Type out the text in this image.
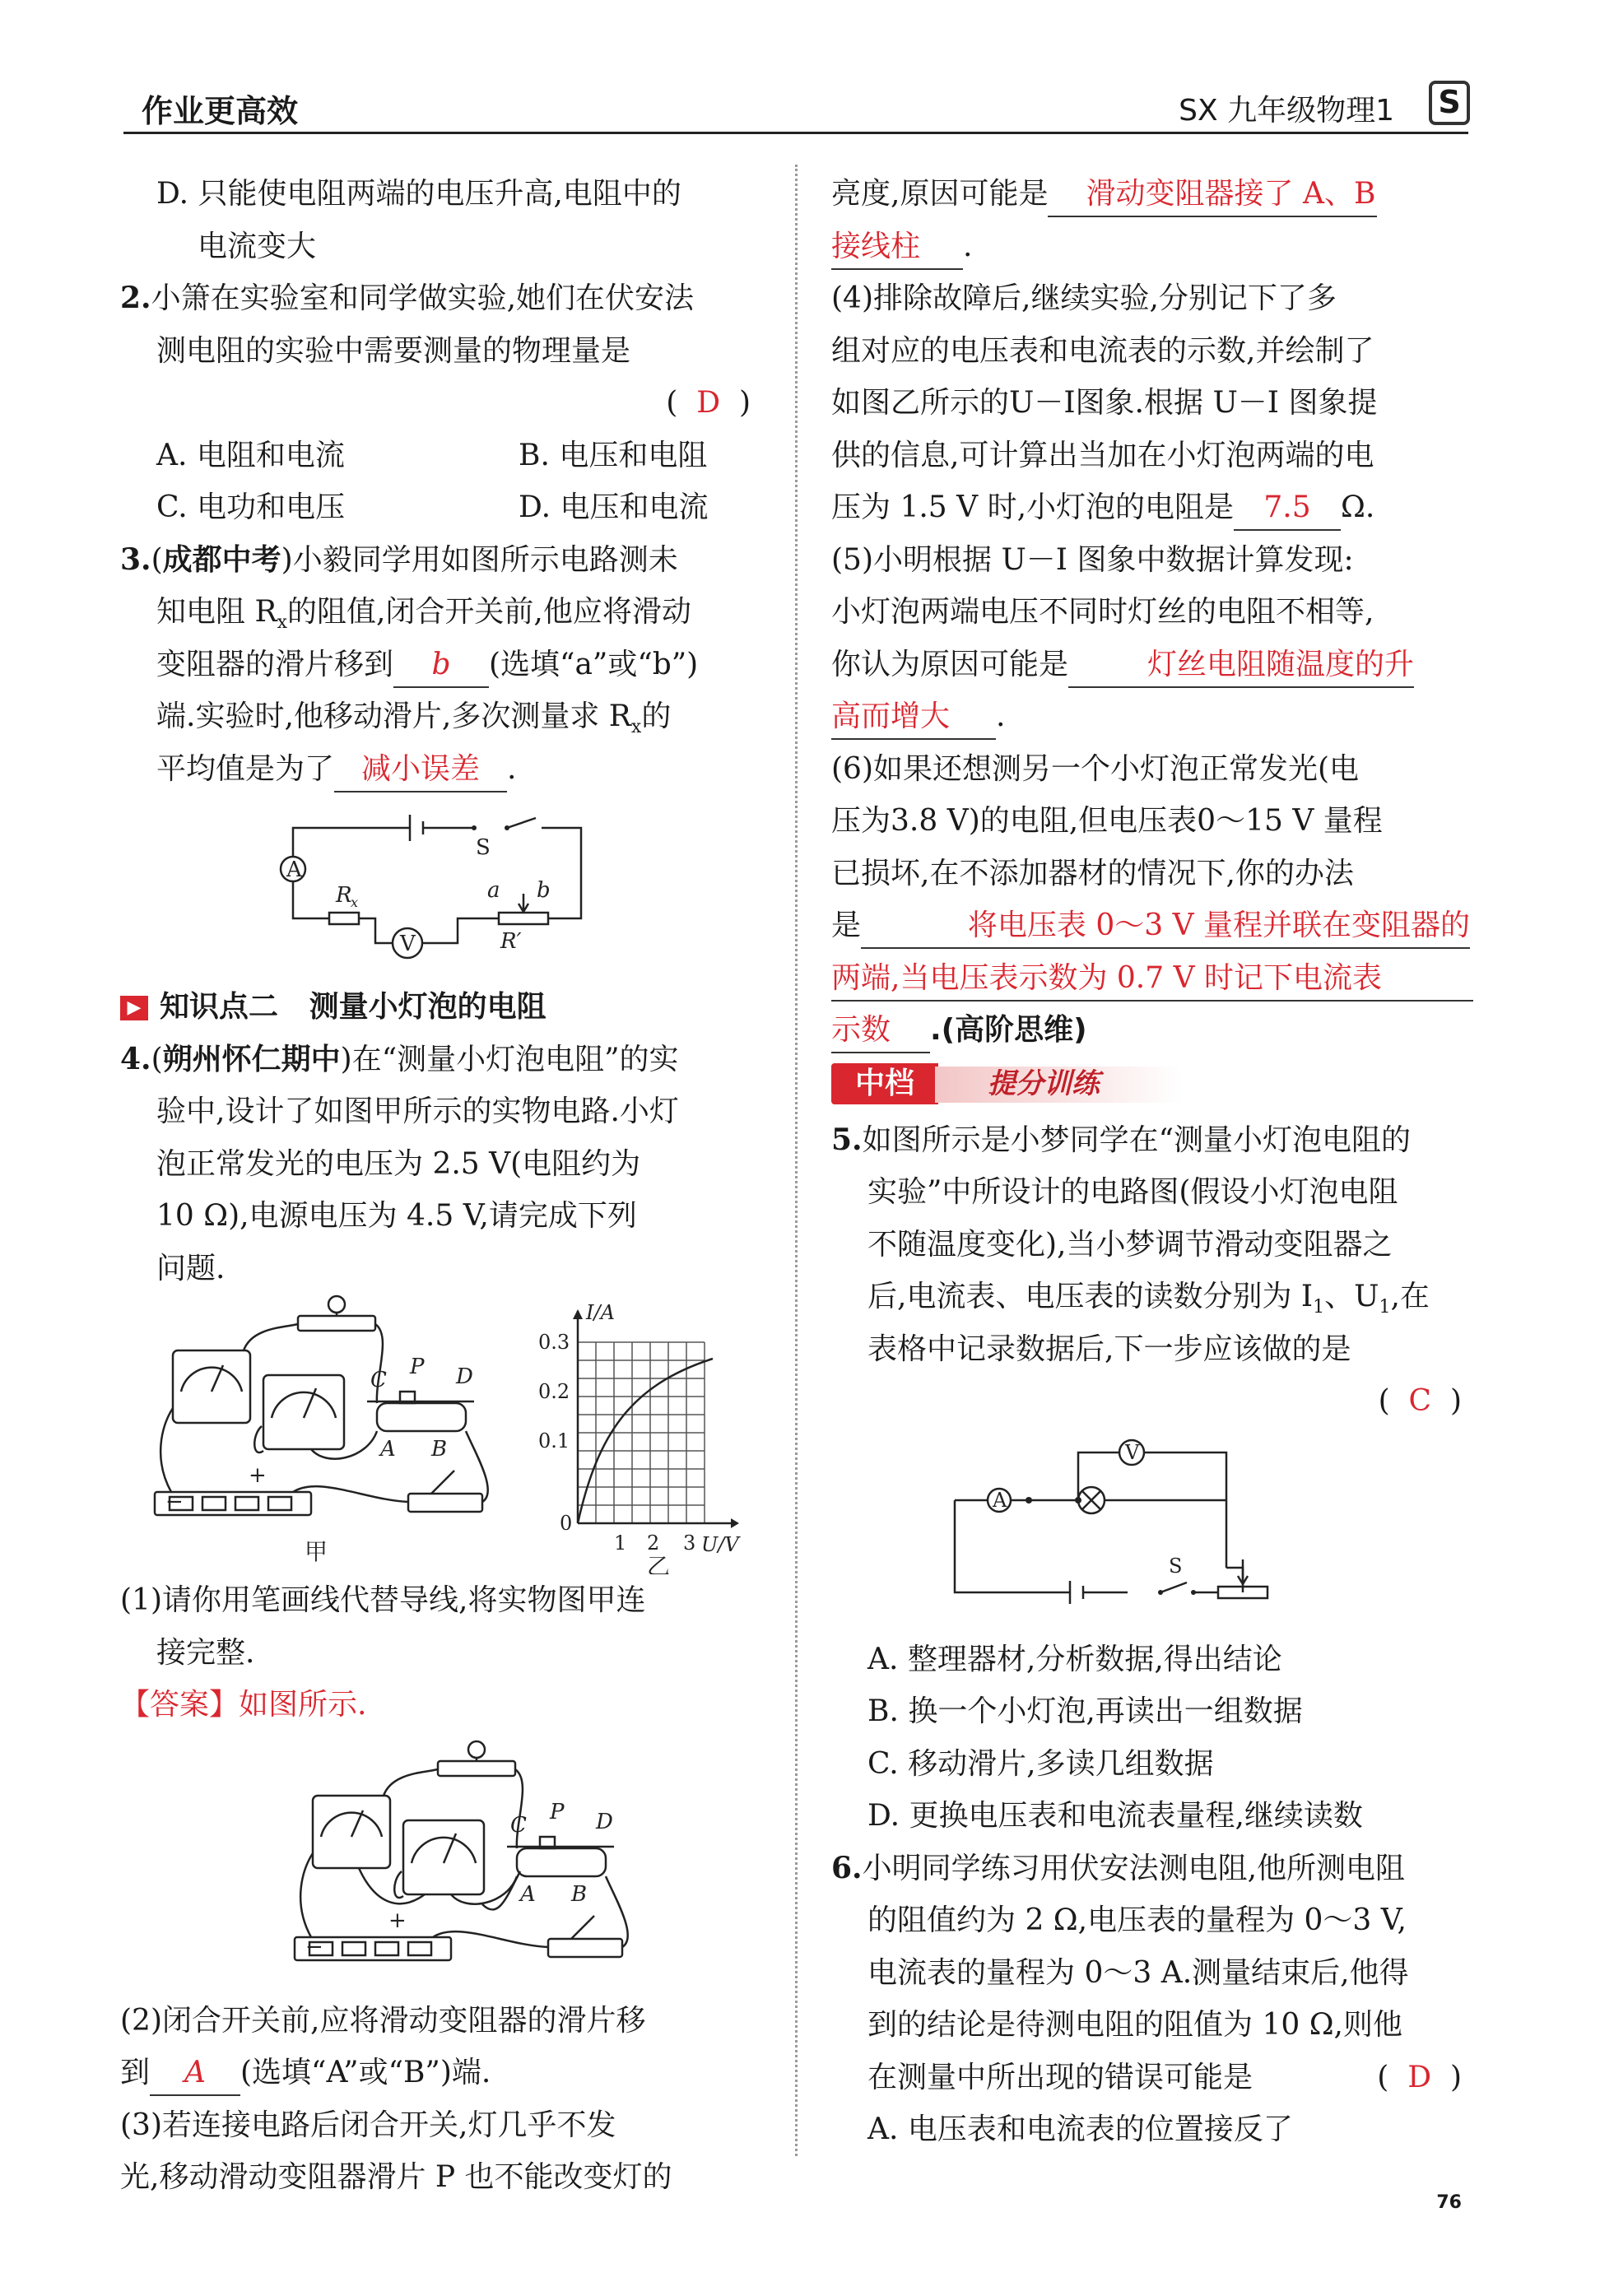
作业更高效	SX 九年级物理1 S
D. 只能使电阻两端的电压升高,电阻中的
电流变大
2.小箫在实验室和同学做实验,她们在伏安法
测电阻的实验中需要测量的物理量是
(  D  )
A. 电阻和电流	B. 电压和电阻
C. 电功和电压	D. 电压和电流
3.(成都中考)小毅同学用如图所示电路测未
知电阻 $R_x$的阻值,闭合开关前,他应将滑动
变阻器的滑片移到 b (选填“a”或“b”)
端.实验时,他移动滑片,多次测量求 $R_x$的
平均值是为了 减小误差 .
A
V
S
R
x	a b
R′
▶ 知识点二 测量小灯泡的电阻
4.(朔州怀仁期中)在“测量小灯泡电阻”的实
验中,设计了如图甲所示的实物电路.小灯
泡正常发光的电压为 2.5 V(电阻约为
10 Ω),电源电压为 4.5 V,请完成下列
问题.
−
+
C
P D
A B
甲
I/A
U/V
0.3
0.2
0.1
0
1 2 3
乙
(1)请你用笔画线代替导线,将实物图甲连
接完整.
【答案】如图所示.
−
+
C
P D
A B
(2)闭合开关前,应将滑动变阻器的滑片移
到 A (选填“A”或“B”)端.
(3)若连接电路后闭合开关,灯几乎不发
光,移动滑动变阻器滑片 P 也不能改变灯的
亮度,原因可能是 滑动变阻器接了 A、B
接线柱 .
(4)排除故障后,继续实验,分别记下了多
组对应的电压表和电流表的示数,并绘制了
如图乙所示的U－I图象.根据 U－I 图象提
供的信息,可计算出当加在小灯泡两端的电
压为 1.5 V 时,小灯泡的电阻是 7.5 Ω.
(5)小明根据 U－I 图象中数据计算发现:
小灯泡两端电压不同时灯丝的电阻不相等,
你认为原因可能是	灯丝电阻随温度的升
高而增大 .
(6)如果还想测另一个小灯泡正常发光(电
压为3.8 V)的电阻,但电压表0～15 V 量程
已损坏,在不添加器材的情况下,你的办法
是	将电压表 0～3 V 量程并联在变阻器的
两端,当电压表示数为 0.7 V 时记下电流表
示数 .(高阶思维)
中档	提分训练
5.如图所示是小梦同学在“测量小灯泡电阻的
实验”中所设计的电路图(假设小灯泡电阻
不随温度变化),当小梦调节滑动变阻器之
后,电流表、电压表的读数分别为 $I_1$、$U_1$,在
表格中记录数据后,下一步应该做的是
(  C  )
A
V
S
A. 整理器材,分析数据,得出结论
B. 换一个小灯泡,再读出一组数据
C. 移动滑片,多读几组数据
D. 更换电压表和电流表量程,继续读数
6.小明同学练习用伏安法测电阻,他所测电阻
的阻值约为 2 Ω,电压表的量程为 0～3 V,
电流表的量程为 0～3 A.测量结束后,他得
到的结论是待测电阻的阻值为 10 Ω,则他
在测量中所出现的错误可能是	(  D  )
A. 电压表和电流表的位置接反了
76
